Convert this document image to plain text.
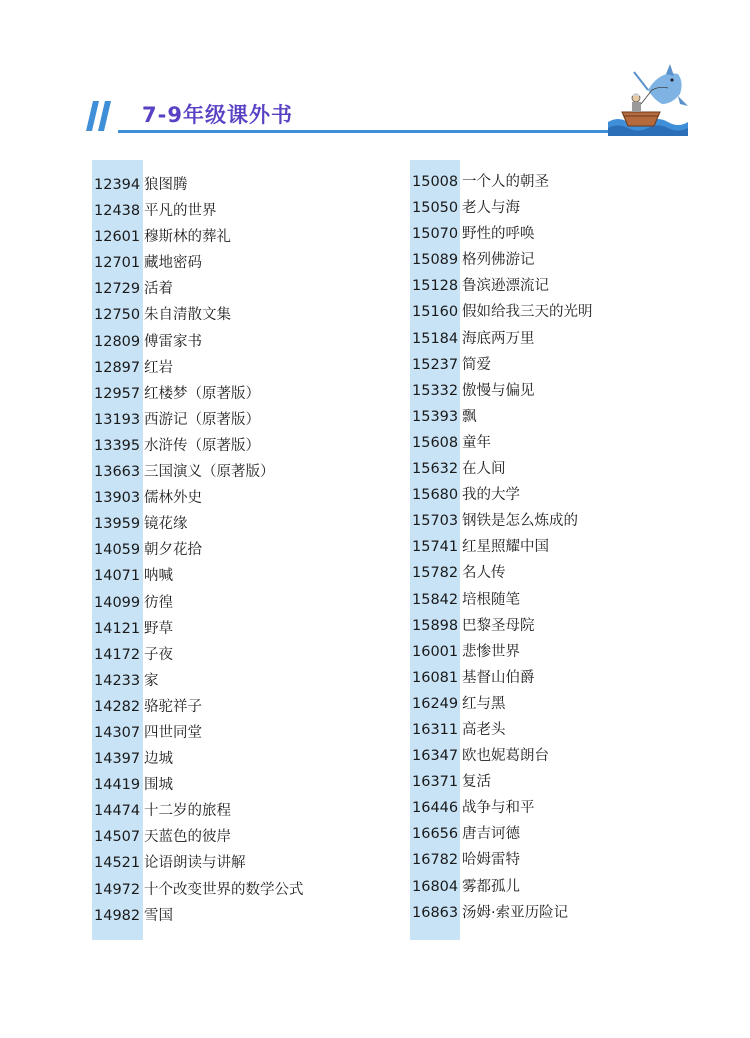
7-9年级课外书
12394 狼图腾
12438 平凡的世界
12601 穆斯林的葬礼
12701 藏地密码
12729 活着
12750 朱自清散文集
12809 傅雷家书
12897 红岩
12957 红楼梦（原著版）
13193 西游记（原著版）
13395 水浒传（原著版）
13663 三国演义（原著版）
13903 儒林外史
13959 镜花缘
14059 朝夕花拾
14071 呐喊
14099 彷徨
14121 野草
14172 子夜
14233 家
14282 骆驼祥子
14307 四世同堂
14397 边城
14419 围城
14474 十二岁的旅程
14507 天蓝色的彼岸
14521 论语朗读与讲解
14972 十个改变世界的数学公式
14982 雪国
15008 一个人的朝圣
15050 老人与海
15070 野性的呼唤
15089 格列佛游记
15128 鲁滨逊漂流记
15160 假如给我三天的光明
15184 海底两万里
15237 简爱
15332 傲慢与偏见
15393 飘
15608 童年
15632 在人间
15680 我的大学
15703 钢铁是怎么炼成的
15741 红星照耀中国
15782 名人传
15842 培根随笔
15898 巴黎圣母院
16001 悲惨世界
16081 基督山伯爵
16249 红与黑
16311 高老头
16347 欧也妮葛朗台
16371 复活
16446 战争与和平
16656 唐吉诃德
16782 哈姆雷特
16804 雾都孤儿
16863 汤姆·索亚历险记
